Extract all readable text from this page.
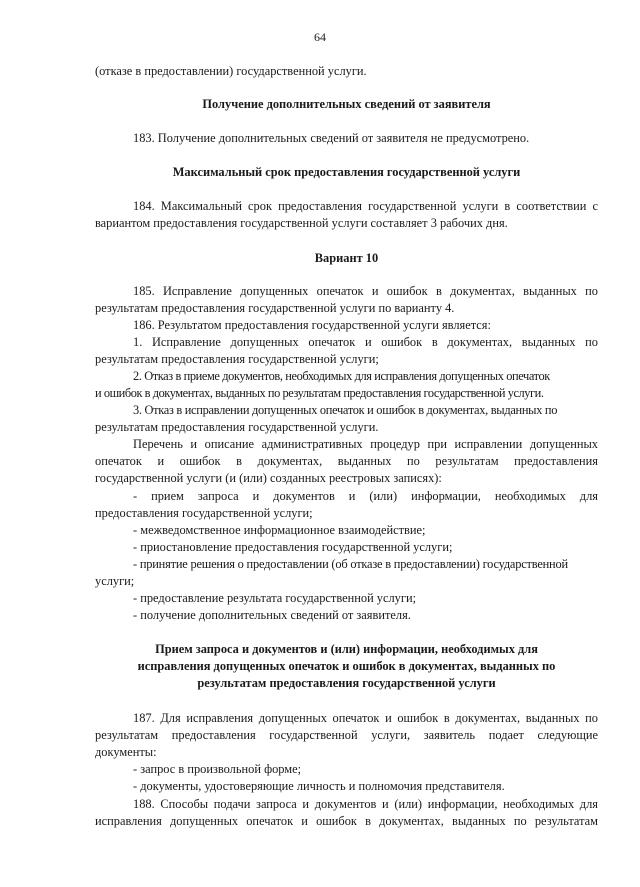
64
(отказе в предоставлении) государственной услуги.
Получение дополнительных сведений от заявителя
183. Получение дополнительных сведений от заявителя не предусмотрено.
Максимальный срок предоставления государственной услуги
184. Максимальный срок предоставления государственной услуги в соответствии с
вариантом предоставления государственной услуги составляет 3 рабочих дня.
Вариант 10
185. Исправление допущенных опечаток и ошибок в документах, выданных по
результатам предоставления государственной услуги по варианту 4.
186. Результатом предоставления государственной услуги является:
1. Исправление допущенных опечаток и ошибок в документах, выданных по
результатам предоставления государственной услуги;
2. Отказ в приеме документов, необходимых для исправления допущенных опечаток
и ошибок в документах, выданных по результатам предоставления государственной услуги.
3. Отказ в исправлении допущенных опечаток и ошибок в документах, выданных по
результатам предоставления государственной услуги.
Перечень и описание административных процедур при исправлении допущенных
опечаток и ошибок в документах, выданных по результатам предоставления
государственной услуги (и (или) созданных реестровых записях):
- прием запроса и документов и (или) информации, необходимых для
предоставления государственной услуги;
- межведомственное информационное взаимодействие;
- приостановление предоставления государственной услуги;
- принятие решения о предоставлении (об отказе в предоставлении) государственной
услуги;
- предоставление результата государственной услуги;
- получение дополнительных сведений от заявителя.
Прием запроса и документов и (или) информации, необходимых для
исправления допущенных опечаток и ошибок в документах, выданных по
результатам предоставления государственной услуги
187. Для исправления допущенных опечаток и ошибок в документах, выданных по
результатам предоставления государственной услуги, заявитель подает следующие
документы:
- запрос в произвольной форме;
- документы, удостоверяющие личность и полномочия представителя.
188. Способы подачи запроса и документов и (или) информации, необходимых для
исправления допущенных опечаток и ошибок в документах, выданных по результатам
